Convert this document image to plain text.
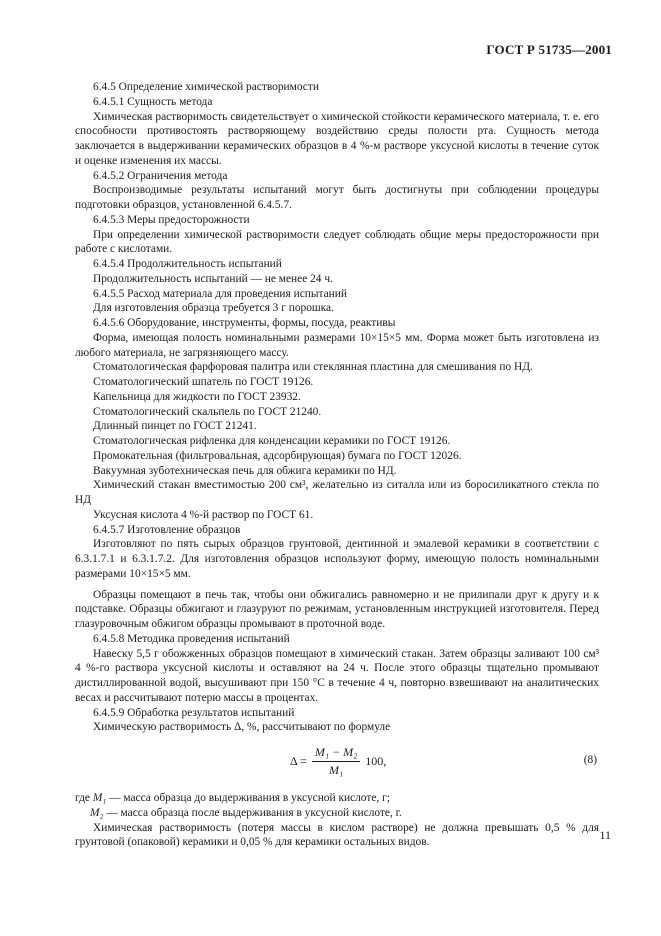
ГОСТ Р 51735—2001

6.4.5 Определение химической растворимости

6.4.5.1 Сущность метода

Химическая растворимость свидетельствует о химической стойкости керамического материала, т. е. его способности противостоять растворяющему воздействию среды полости рта. Сущность метода заключается в выдерживании керамических образцов в 4 %-м растворе уксусной кислоты в течение суток и оценке изменения их массы.

6.4.5.2 Ограничения метода

Воспроизводимые результаты испытаний могут быть достигнуты при соблюдении процедуры подготовки образцов, установленной 6.4.5.7.

6.4.5.3 Меры предосторожности

При определении химической растворимости следует соблюдать общие меры предосторожности при работе с кислотами.

6.4.5.4 Продолжительность испытаний

Продолжительность испытаний — не менее 24 ч.

6.4.5.5 Расход материала для проведения испытаний

Для изготовления образца требуется 3 г порошка.

6.4.5.6 Оборудование, инструменты, формы, посуда, реактивы

Форма, имеющая полость номинальными размерами 10×15×5 мм. Форма может быть изготовлена из любого материала, не загрязняющего массу.

Стоматологическая фарфоровая палитра или стеклянная пластина для смешивания по НД.

Стоматологический шпатель по ГОСТ 19126.

Капельница для жидкости по ГОСТ 23932.

Стоматологический скальпель по ГОСТ 21240.

Длинный пинцет по ГОСТ 21241.

Стоматологическая рифленка для конденсации керамики по ГОСТ 19126.

Промокательная (фильтровальная, адсорбирующая) бумага по ГОСТ 12026.

Вакуумная зуботехническая печь для обжига керамики по НД.

Химический стакан вместимостью 200 см³, желательно из ситалла или из боросиликатного стекла по НД

Уксусная кислота 4 %-й раствор по ГОСТ 61.

6.4.5.7 Изготовление образцов

Изготовляют по пять сырых образцов грунтовой, дентинной и эмалевой керамики в соответствии с 6.3.1.7.1 и 6.3.1.7.2. Для изготовления образцов используют форму, имеющую полость номинальными размерами 10×15×5 мм.

Образцы помещают в печь так, чтобы они обжигались равномерно и не прилипали друг к другу и к подставке. Образцы обжигают и глазуруют по режимам, установленным инструкцией изготовителя. Перед глазуровочным обжигом образцы промывают в проточной воде.

6.4.5.8 Методика проведения испытаний

Навеску 5,5 г обожженных образцов помещают в химический стакан. Затем образцы заливают 100 см³ 4 %-го раствора уксусной кислоты и оставляют на 24 ч. После этого образцы тщательно промывают дистиллированной водой, высушивают при 150 °С в течение 4 ч, повторно взвешивают на аналитических весах и рассчитывают потерю массы в процентах.

6.4.5.9 Обработка результатов испытаний

Химическую растворимость Δ, %, рассчитывают по формуле

$\Delta = \frac{\text{M₁ − M₂}}{\text{M₁}} 100$,	(8)

где M₁ — масса образца до выдерживания в уксусной кислоте, г;

M₂ — масса образца после выдерживания в уксусной кислоте, г.

Химическая растворимость (потеря массы в кислом растворе) не должна превышать 0,5 % для грунтовой (опаковой) керамики и 0,05 % для керамики остальных видов.

11
